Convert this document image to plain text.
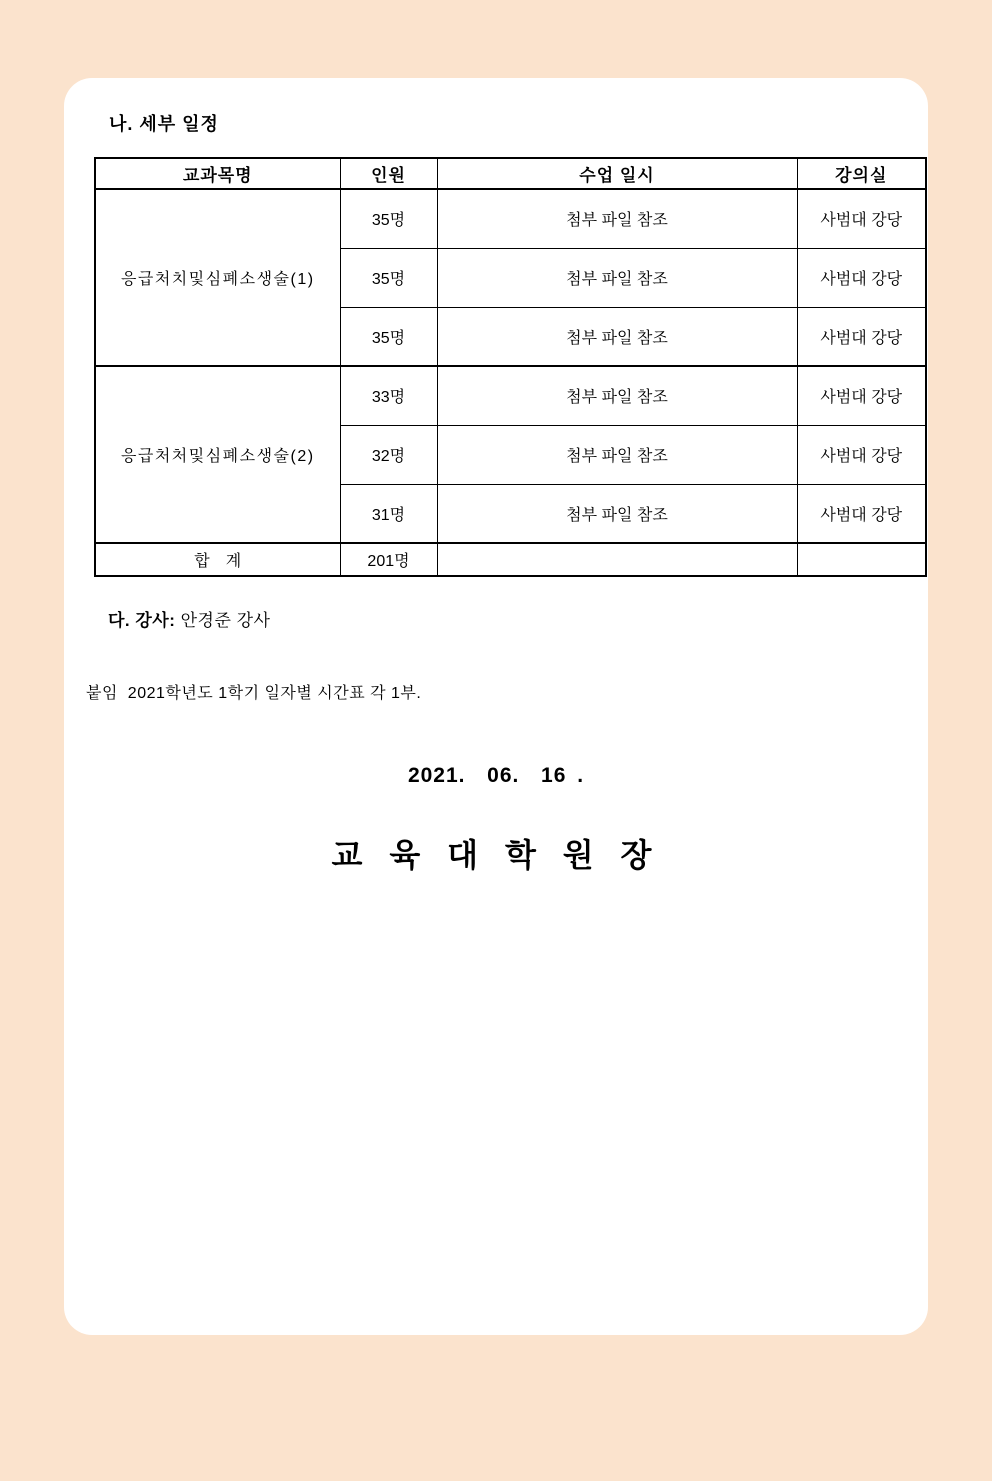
나. 세부 일정
교과목명	인원	수업 일시	강의실
응급처치및심폐소생술(1)	35명	첨부 파일 참조	사범대 강당
	35명	첨부 파일 참조	사범대 강당
	35명	첨부 파일 참조	사범대 강당
응급처처및심폐소생술(2)	33명	첨부 파일 참조	사범대 강당
	32명	첨부 파일 참조	사범대 강당
	31명	첨부 파일 참조	사범대 강당
합　계	201명		
다. 강사: 안경준 강사
붙임  2021학년도 1학기 일자별 시간표 각 1부.
2021.  06.  16 .
교 육 대 학 원 장
